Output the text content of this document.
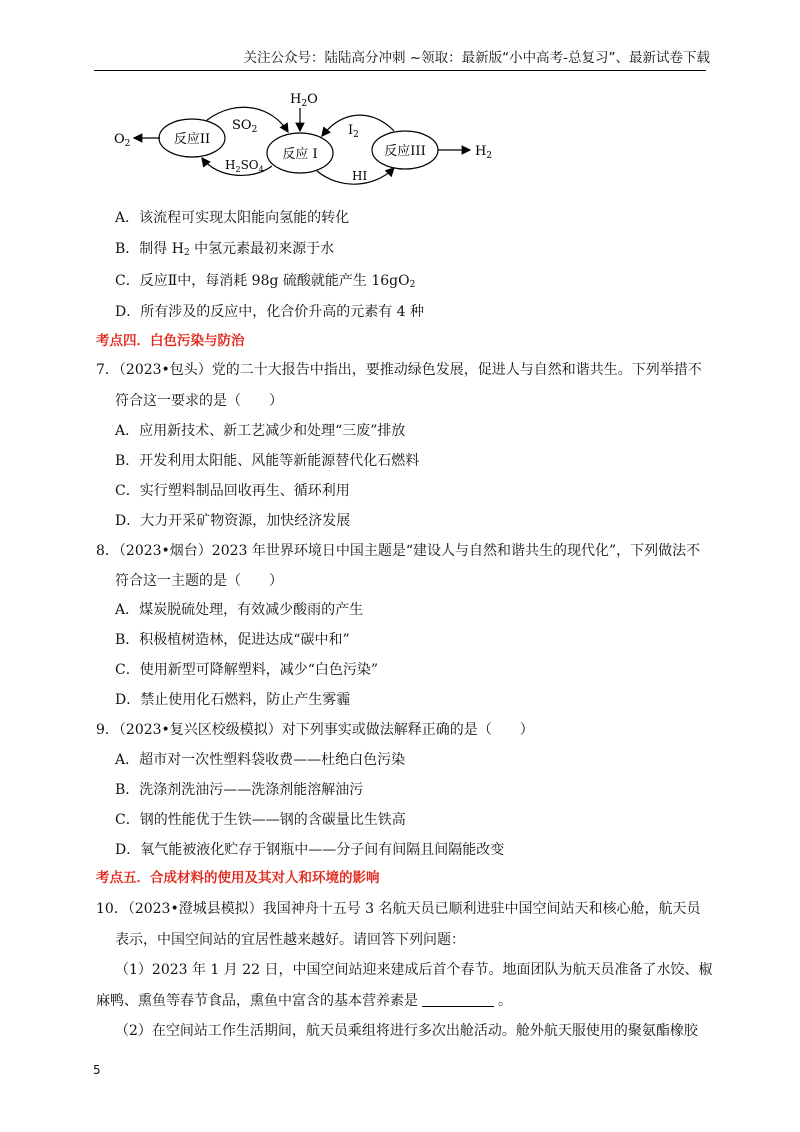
关注公众号：陆陆高分冲刺 ~领取：最新版“小中高考-总复习”、最新试卷下载
$O_2$	反应II
反应 I	反应III
$H_2O$
$SO_2$
$H_2SO_4$
$I_2$
HI
$H_2$
A．该流程可实现太阳能向氢能的转化
B．制得 $H_2$ 中氢元素最初来源于水
C．反应Ⅱ中，每消耗 98g 硫酸就能产生 $16gO_2$
D．所有涉及的反应中，化合价升高的元素有 4 种
考点四．白色污染与防治
7．（2023•包头）党的二十大报告中指出，要推动绿色发展，促进人与自然和谐共生。下列举措不
符合这一要求的是（　　）
A．应用新技术、新工艺减少和处理“三废”排放
B．开发利用太阳能、风能等新能源替代化石燃料
C．实行塑料制品回收再生、循环利用
D．大力开采矿物资源，加快经济发展
8．（2023•烟台）2023 年世界环境日中国主题是“建设人与自然和谐共生的现代化”，下列做法不
符合这一主题的是（　　）
A．煤炭脱硫处理，有效减少酸雨的产生
B．积极植树造林，促进达成“碳中和”
C．使用新型可降解塑料，减少“白色污染”
D．禁止使用化石燃料，防止产生雾霾
9．（2023•复兴区校级模拟）对下列事实或做法解释正确的是（　　）
A．超市对一次性塑料袋收费——杜绝白色污染
B．洗涤剂洗油污——洗涤剂能溶解油污
C．钢的性能优于生铁——钢的含碳量比生铁高
D．氧气能被液化贮存于钢瓶中——分子间有间隔且间隔能改变
考点五．合成材料的使用及其对人和环境的影响
10．（2023•澄城县模拟）我国神舟十五号 3 名航天员已顺利进驻中国空间站天和核心舱，航天员
表示，中国空间站的宜居性越来越好。请回答下列问题：
（1）2023 年 1 月 22 日，中国空间站迎来建成后首个春节。地面团队为航天员准备了水饺、椒
麻鸭、熏鱼等春节食品，熏鱼中富含的基本营养素是	。
（2）在空间站工作生活期间，航天员乘组将进行多次出舱活动。舱外航天服使用的聚氨酯橡胶
5
